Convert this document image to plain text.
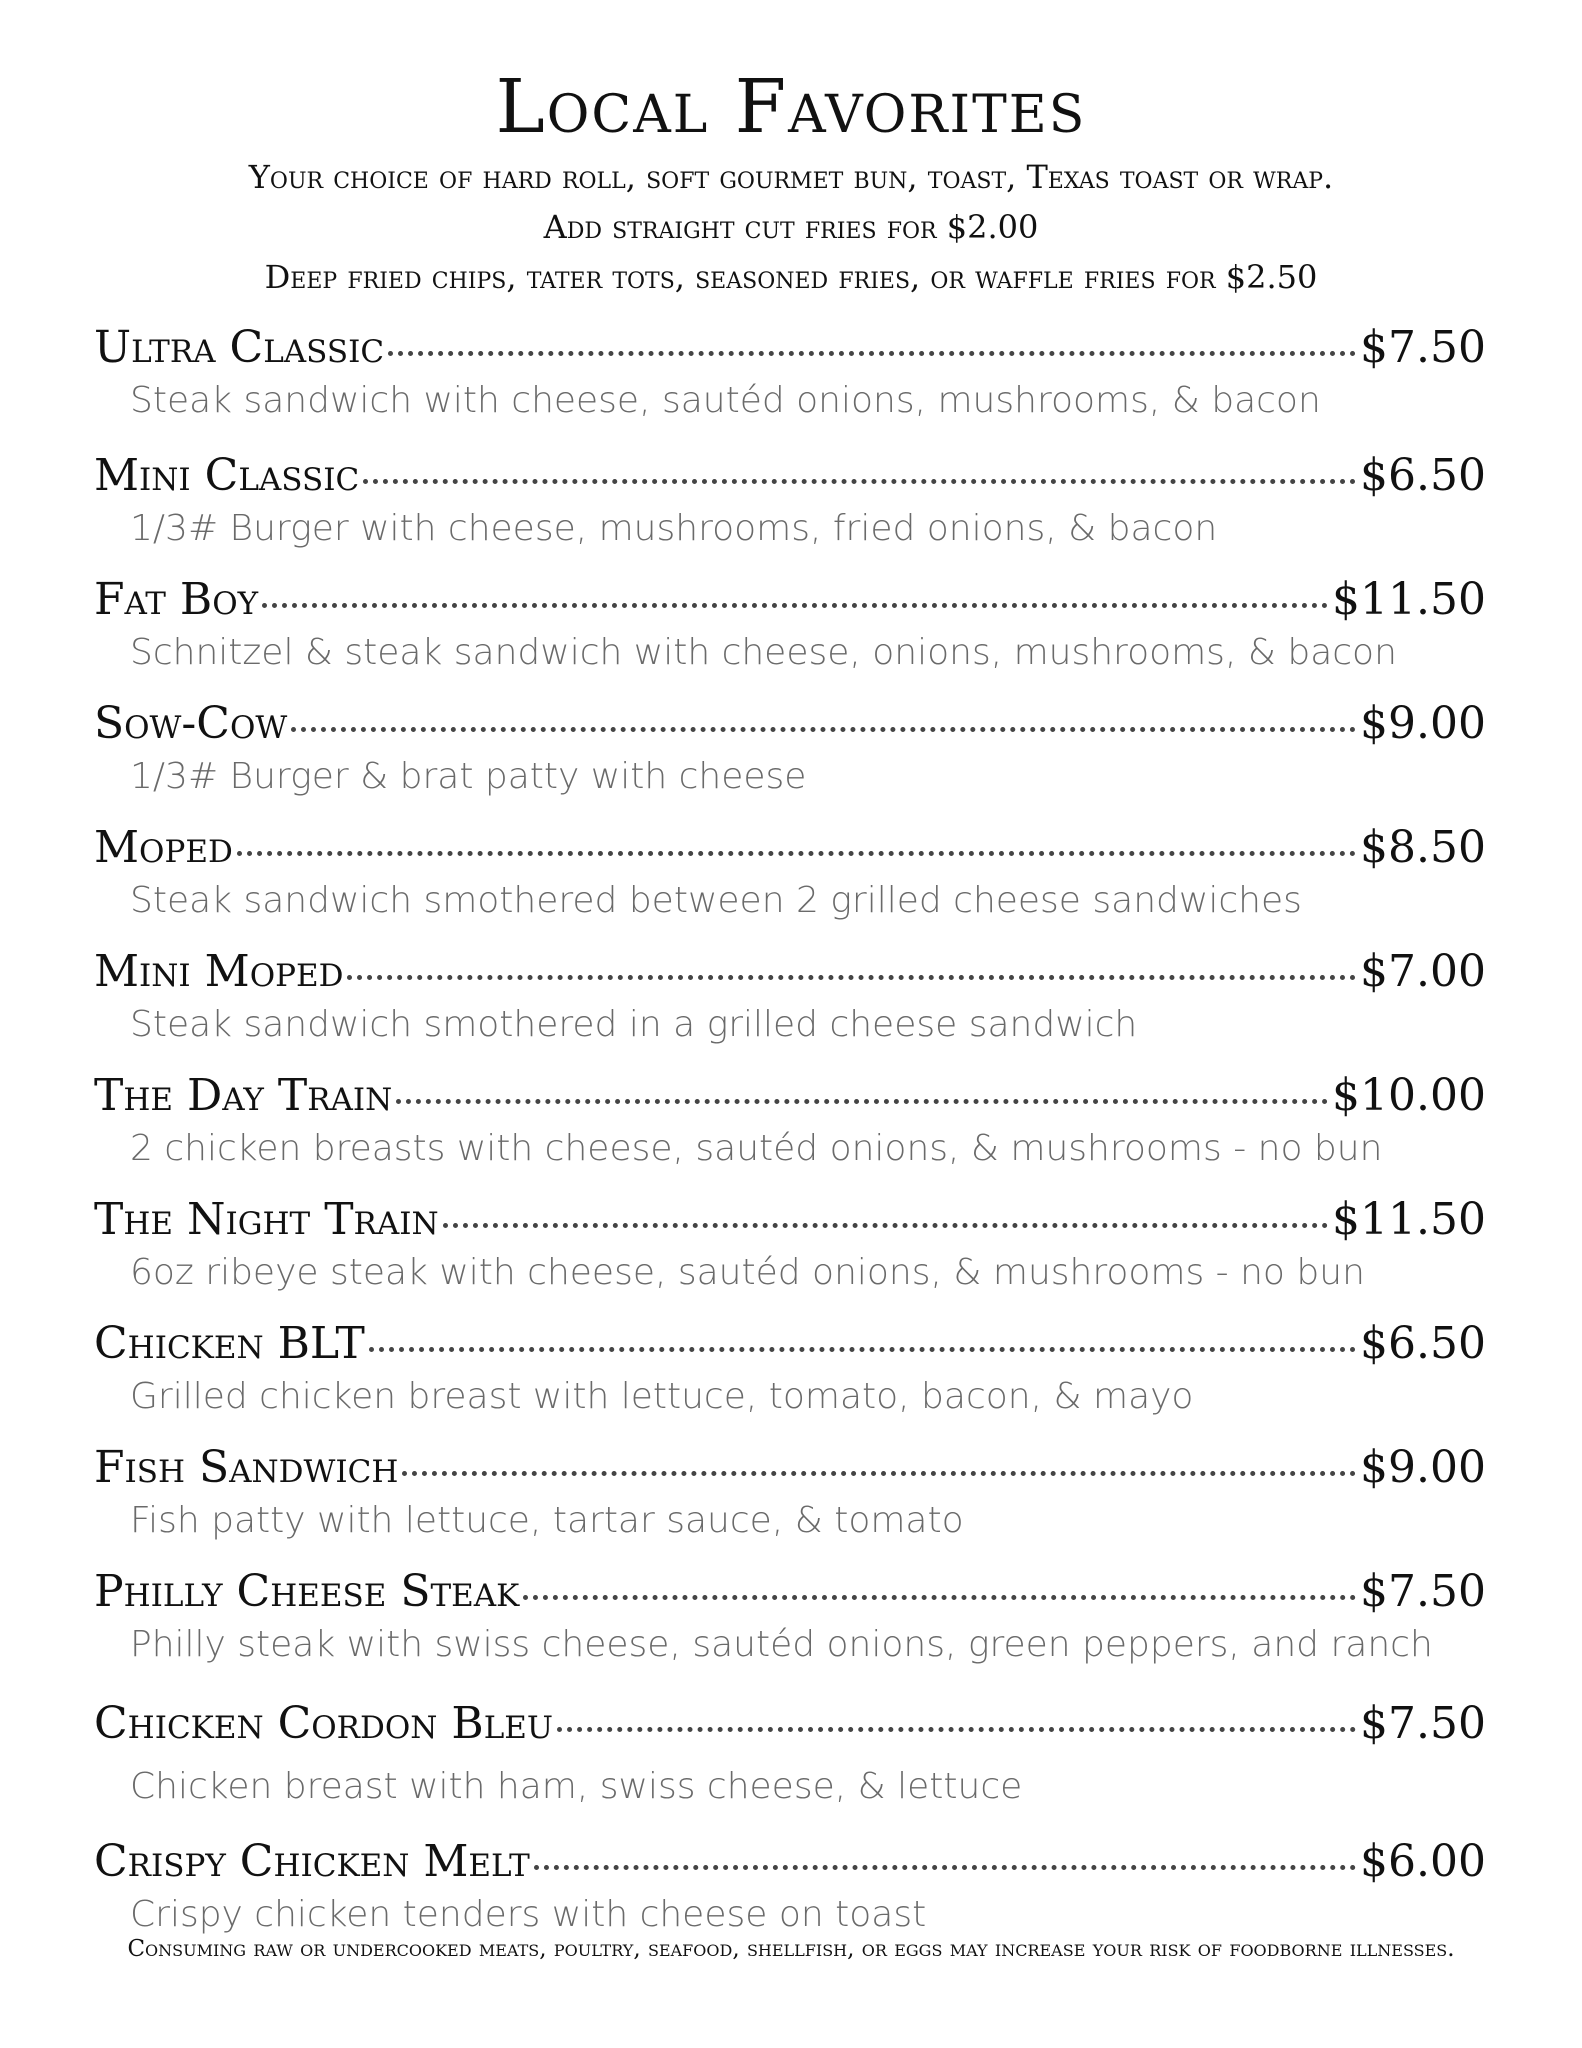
Local Favorites
Your choice of hard roll, soft gourmet bun, toast, Texas toast or wrap.
Add straight cut fries for $2.00
Deep fried chips, tater tots, seasoned fries, or waffle fries for $2.50
Ultra Classic	$7.50
Steak sandwich with cheese, sautéd onions, mushrooms, & bacon
Mini Classic	$6.50
1/3# Burger with cheese, mushrooms, fried onions, & bacon
Fat Boy	$11.50
Schnitzel & steak sandwich with cheese, onions, mushrooms, & bacon
Sow-Cow	$9.00
1/3# Burger & brat patty with cheese
Moped	$8.50
Steak sandwich smothered between 2 grilled cheese sandwiches
Mini Moped	$7.00
Steak sandwich smothered in a grilled cheese sandwich
The Day Train	$10.00
2 chicken breasts with cheese, sautéd onions, & mushrooms - no bun
The Night Train	$11.50
6oz ribeye steak with cheese, sautéd onions, & mushrooms - no bun
Chicken BLT	$6.50
Grilled chicken breast with lettuce, tomato, bacon, & mayo
Fish Sandwich	$9.00
Fish patty with lettuce, tartar sauce, & tomato
Philly Cheese Steak	$7.50
Philly steak with swiss cheese, sautéd onions, green peppers, and ranch
Chicken Cordon Bleu	$7.50
Chicken breast with ham, swiss cheese, & lettuce
Crispy Chicken Melt	$6.00
Crispy chicken tenders with cheese on toast
Consuming raw or undercooked meats, poultry, seafood, shellfish, or eggs may increase your risk of foodborne illnesses.
